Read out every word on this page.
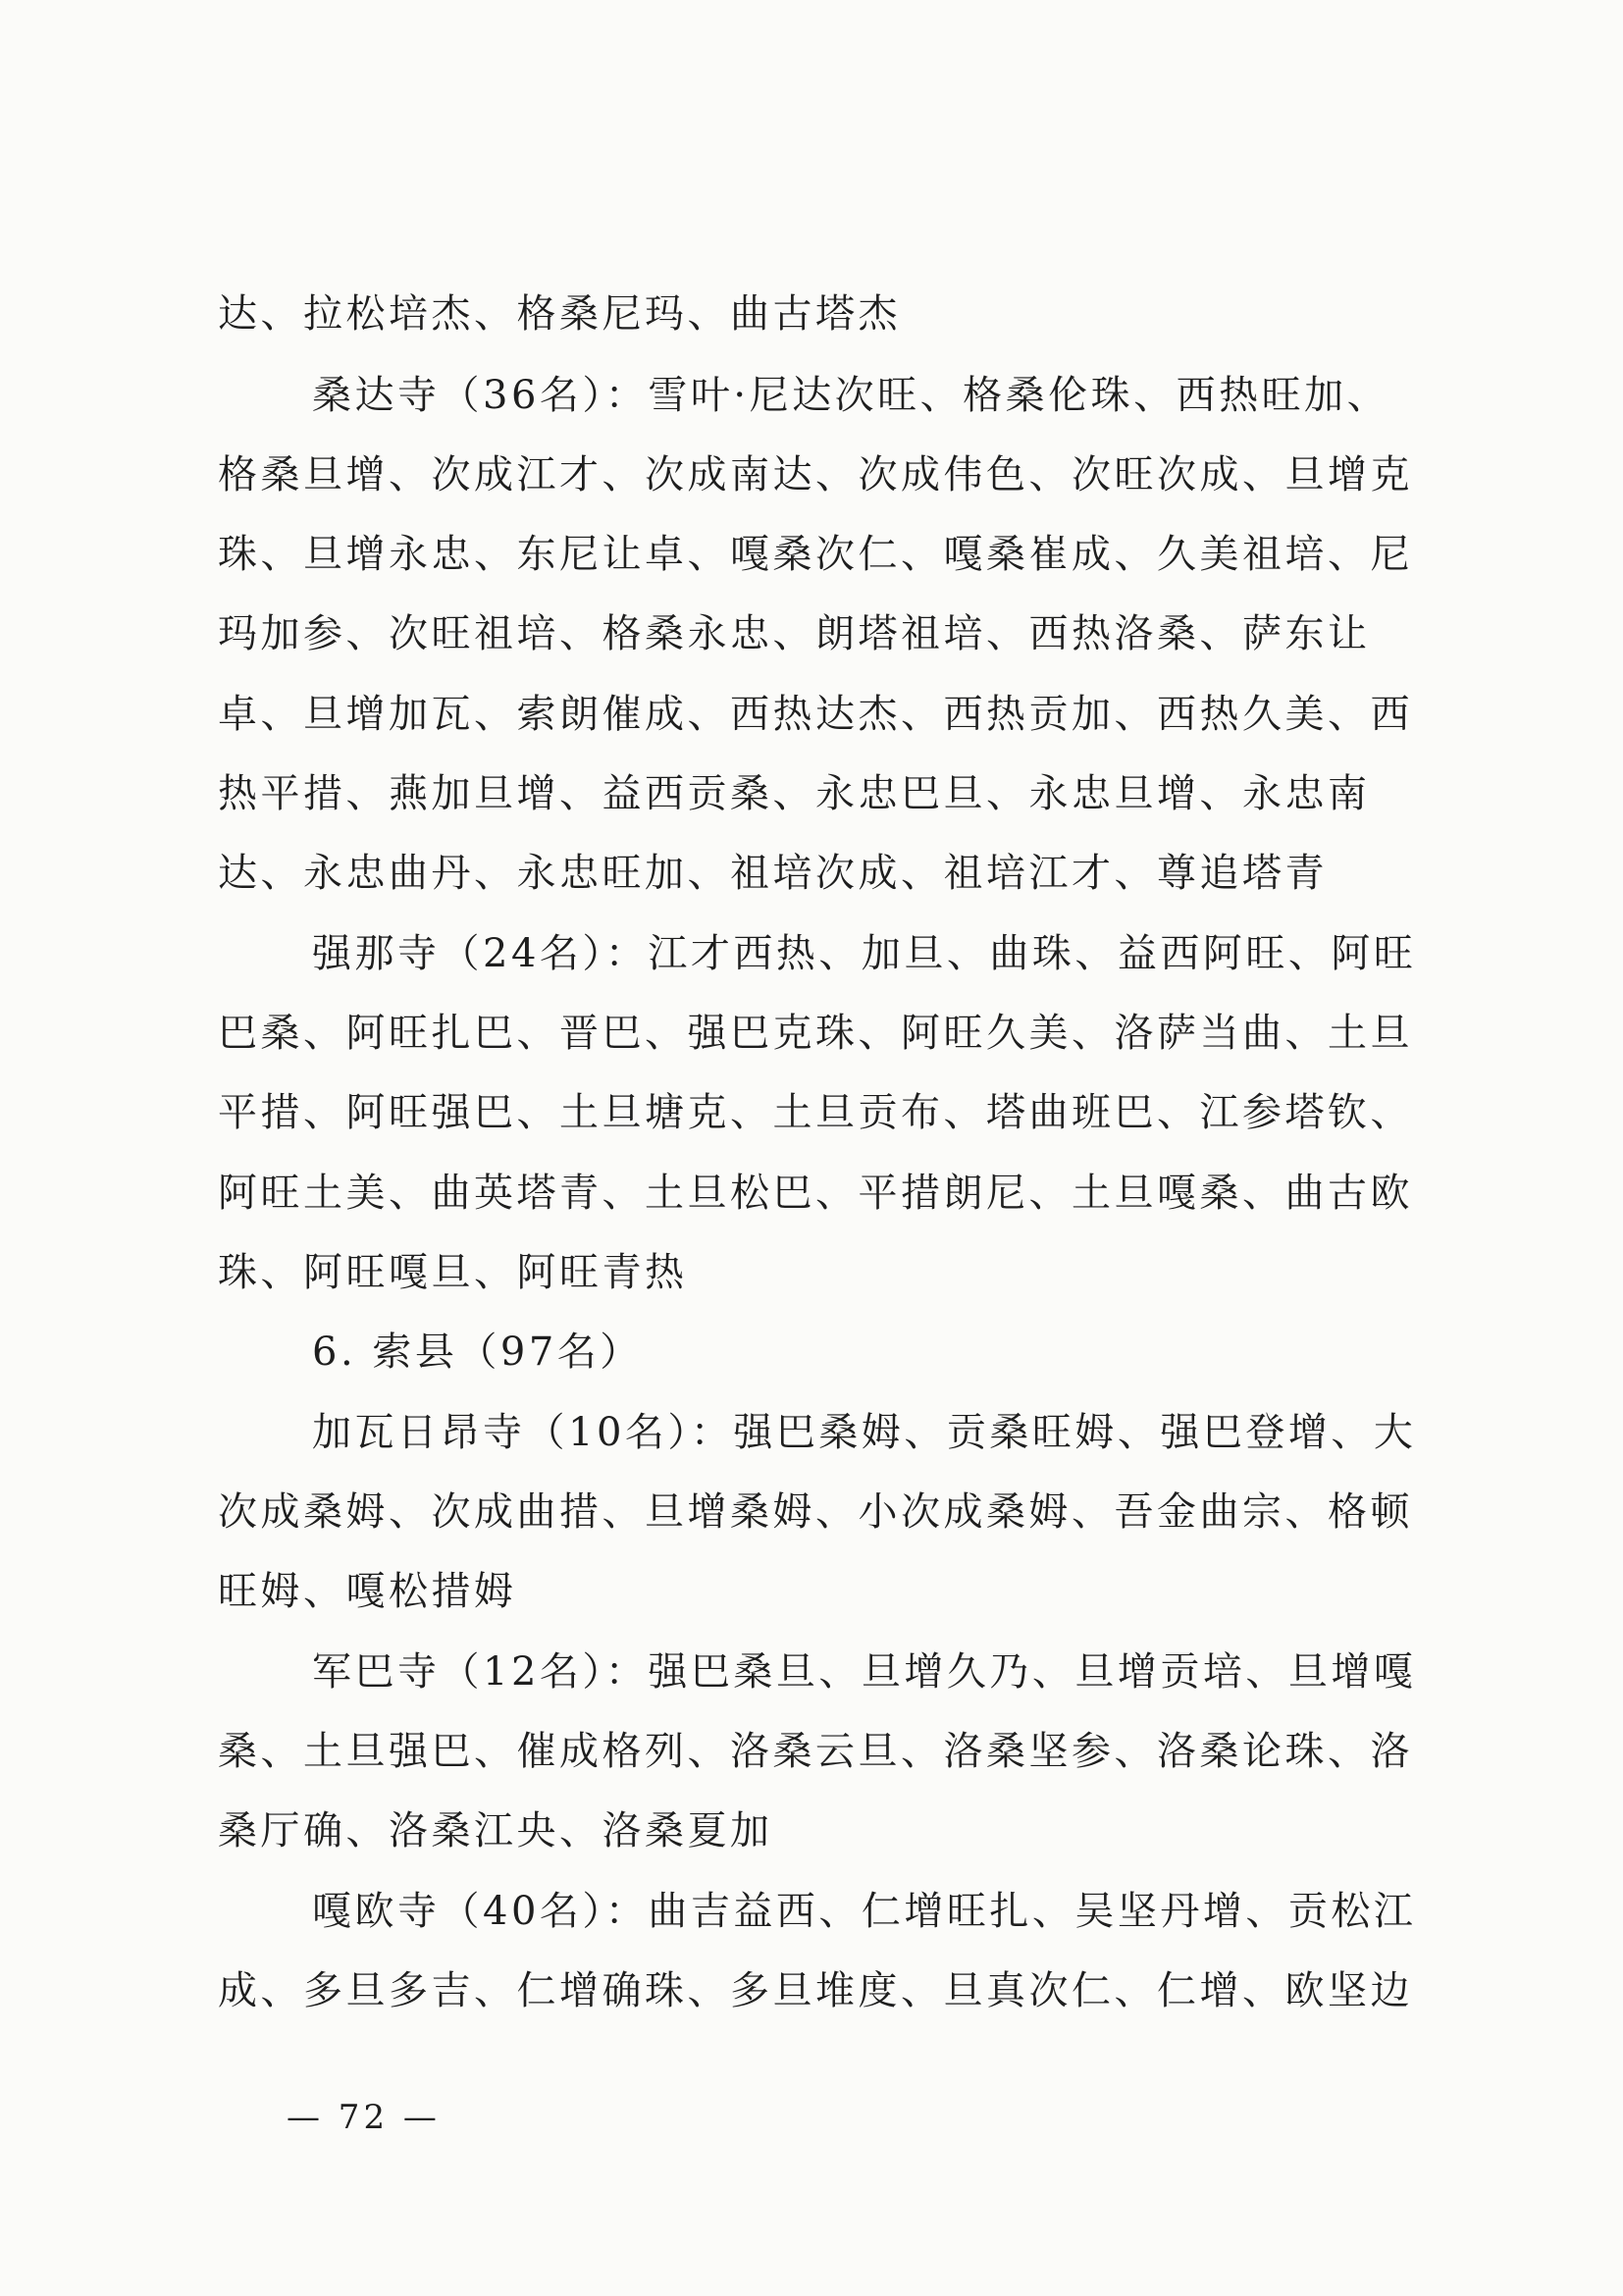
达、拉松培杰、格桑尼玛、曲古塔杰
桑达寺（36名）：雪叶·尼达次旺、格桑伦珠、西热旺加、
格桑旦增、次成江才、次成南达、次成伟色、次旺次成、旦增克
珠、旦增永忠、东尼让卓、嘎桑次仁、嘎桑崔成、久美祖培、尼
玛加参、次旺祖培、格桑永忠、朗塔祖培、西热洛桑、萨东让
卓、旦增加瓦、索朗催成、西热达杰、西热贡加、西热久美、西
热平措、燕加旦增、益西贡桑、永忠巴旦、永忠旦增、永忠南
达、永忠曲丹、永忠旺加、祖培次成、祖培江才、尊追塔青
强那寺（24名）：江才西热、加旦、曲珠、益西阿旺、阿旺
巴桑、阿旺扎巴、晋巴、强巴克珠、阿旺久美、洛萨当曲、土旦
平措、阿旺强巴、土旦塘克、土旦贡布、塔曲班巴、江参塔钦、
阿旺土美、曲英塔青、土旦松巴、平措朗尼、土旦嘎桑、曲古欧
珠、阿旺嘎旦、阿旺青热
6. 索县（97名）
加瓦日昂寺（10名）：强巴桑姆、贡桑旺姆、强巴登增、大
次成桑姆、次成曲措、旦增桑姆、小次成桑姆、吾金曲宗、格顿
旺姆、嘎松措姆
军巴寺（12名）：强巴桑旦、旦增久乃、旦增贡培、旦增嘎
桑、土旦强巴、催成格列、洛桑云旦、洛桑坚参、洛桑论珠、洛
桑厅确、洛桑江央、洛桑夏加
嘎欧寺（40名）：曲吉益西、仁增旺扎、吴坚丹增、贡松江
成、多旦多吉、仁增确珠、多旦堆度、旦真次仁、仁增、欧坚边
— 72 —
